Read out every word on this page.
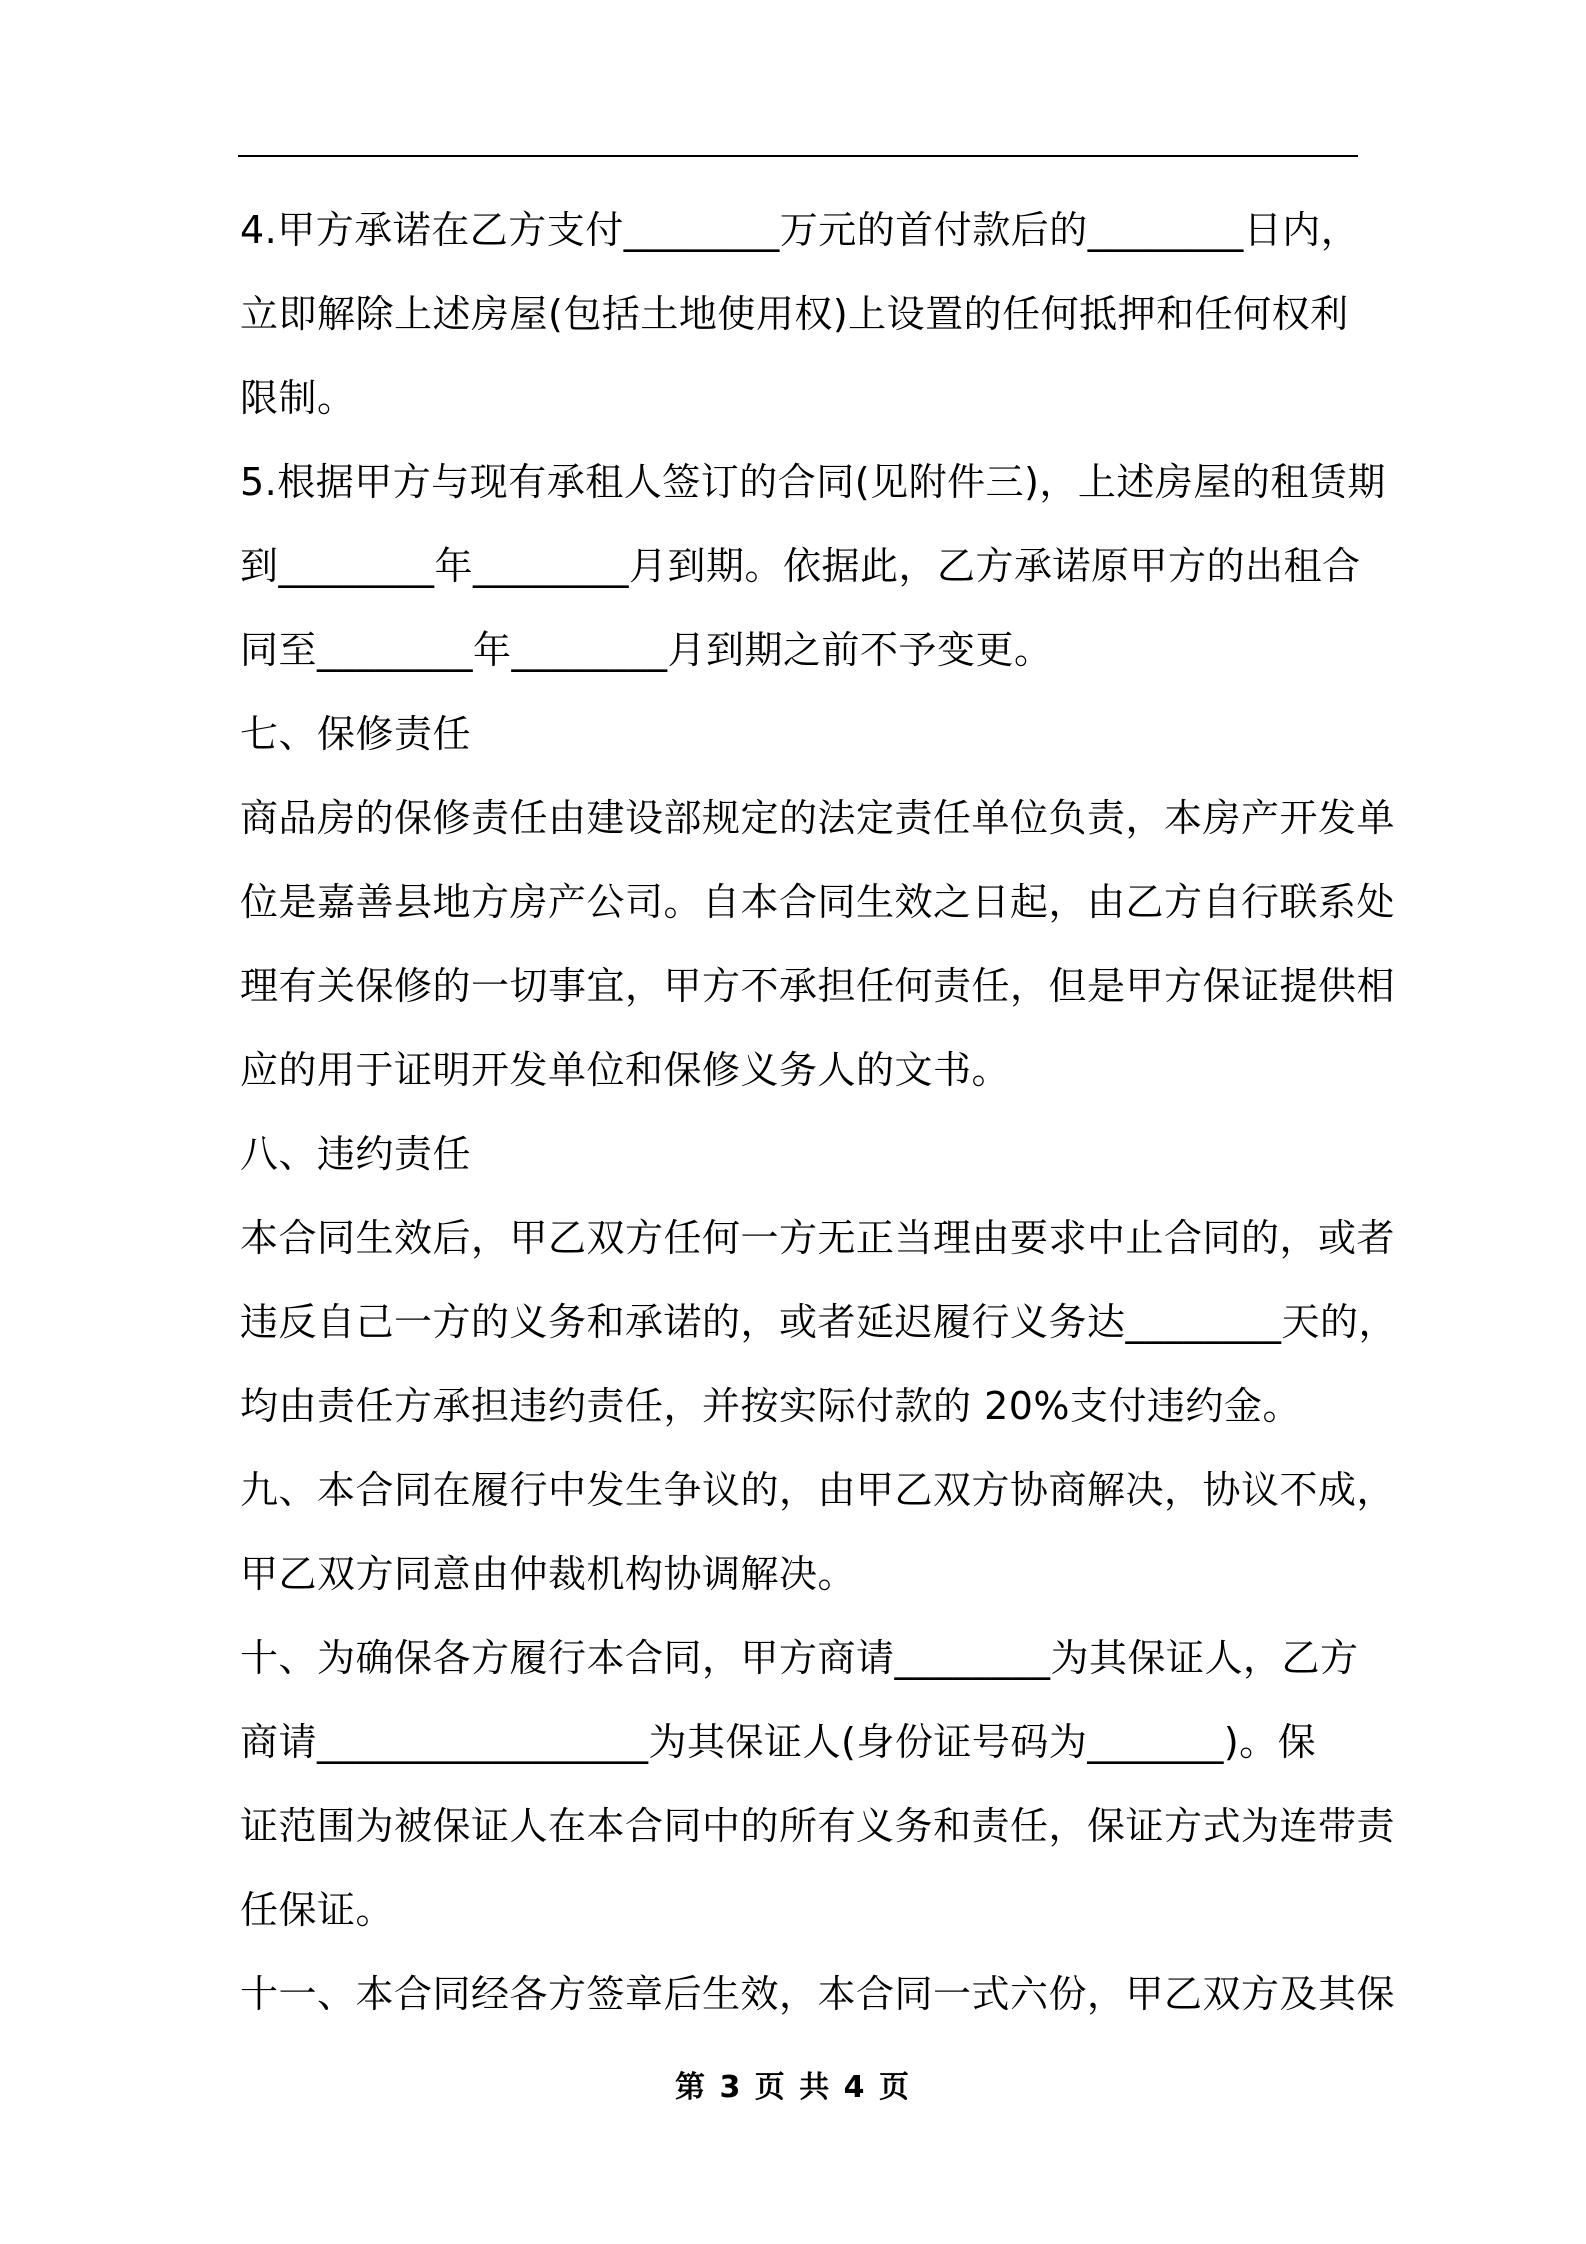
4.甲方承诺在乙方支付________万元的首付款后的________日内，
立即解除上述房屋(包括土地使用权)上设置的任何抵押和任何权利
限制。
5.根据甲方与现有承租人签订的合同(见附件三)，上述房屋的租赁期
到________年________月到期。依据此，乙方承诺原甲方的出租合
同至________年________月到期之前不予变更。
七、保修责任
商品房的保修责任由建设部规定的法定责任单位负责，本房产开发单
位是嘉善县地方房产公司。自本合同生效之日起，由乙方自行联系处
理有关保修的一切事宜，甲方不承担任何责任，但是甲方保证提供相
应的用于证明开发单位和保修义务人的文书。
八、违约责任
本合同生效后，甲乙双方任何一方无正当理由要求中止合同的，或者
违反自己一方的义务和承诺的，或者延迟履行义务达________天的，
均由责任方承担违约责任，并按实际付款的 20%支付违约金。
九、本合同在履行中发生争议的，由甲乙双方协商解决，协议不成，
甲乙双方同意由仲裁机构协调解决。
十、为确保各方履行本合同，甲方商请________为其保证人，乙方
商请_________________为其保证人(身份证号码为_______)。保
证范围为被保证人在本合同中的所有义务和责任，保证方式为连带责
任保证。
十一、本合同经各方签章后生效，本合同一式六份，甲乙双方及其保
第 3 页 共 4 页
